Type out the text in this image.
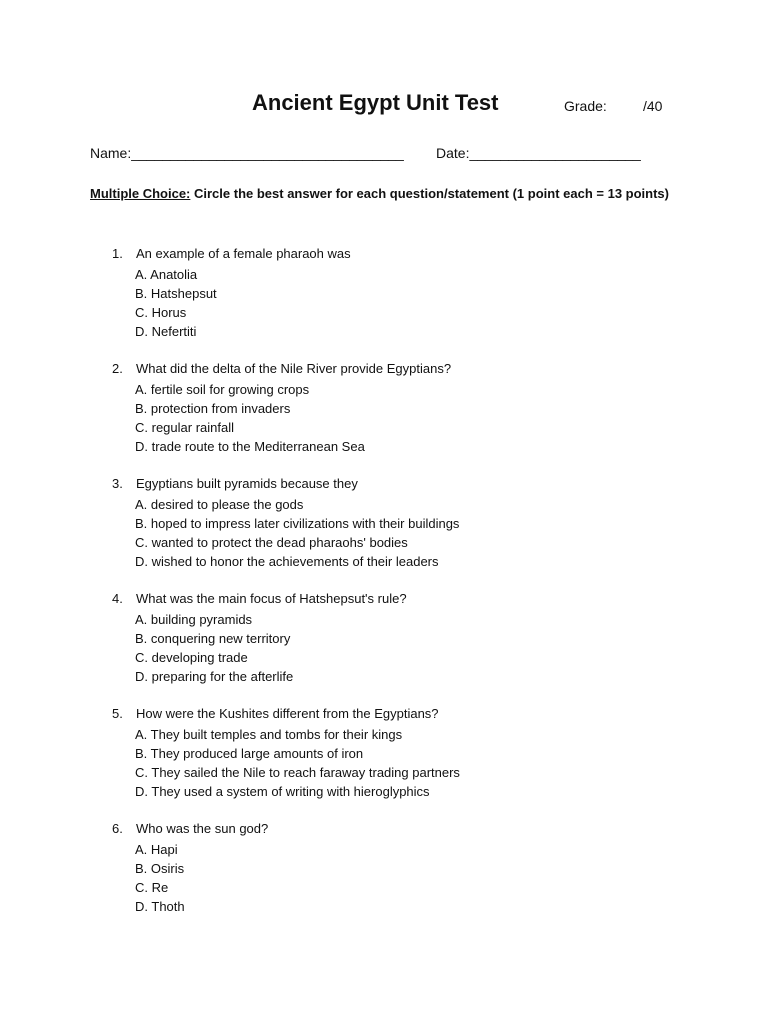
Ancient Egypt Unit Test	Grade:	/40
Name:___________________________________ Date:______________________
Multiple Choice: Circle the best answer for each question/statement (1 point each = 13 points)
1.	An example of a female pharaoh was
A. Anatolia
B. Hatshepsut
C. Horus
D. Nefertiti
2.	What did the delta of the Nile River provide Egyptians?
A. fertile soil for growing crops
B. protection from invaders
C. regular rainfall
D. trade route to the Mediterranean Sea
3.	Egyptians built pyramids because they
A. desired to please the gods
B. hoped to impress later civilizations with their buildings
C. wanted to protect the dead pharaohs' bodies
D. wished to honor the achievements of their leaders
4.	What was the main focus of Hatshepsut's rule?
A. building pyramids
B. conquering new territory
C. developing trade
D. preparing for the afterlife
5.	How were the Kushites different from the Egyptians?
A. They built temples and tombs for their kings
B. They produced large amounts of iron
C. They sailed the Nile to reach faraway trading partners
D. They used a system of writing with hieroglyphics
6.	Who was the sun god?
A. Hapi
B. Osiris
C. Re
D. Thoth
